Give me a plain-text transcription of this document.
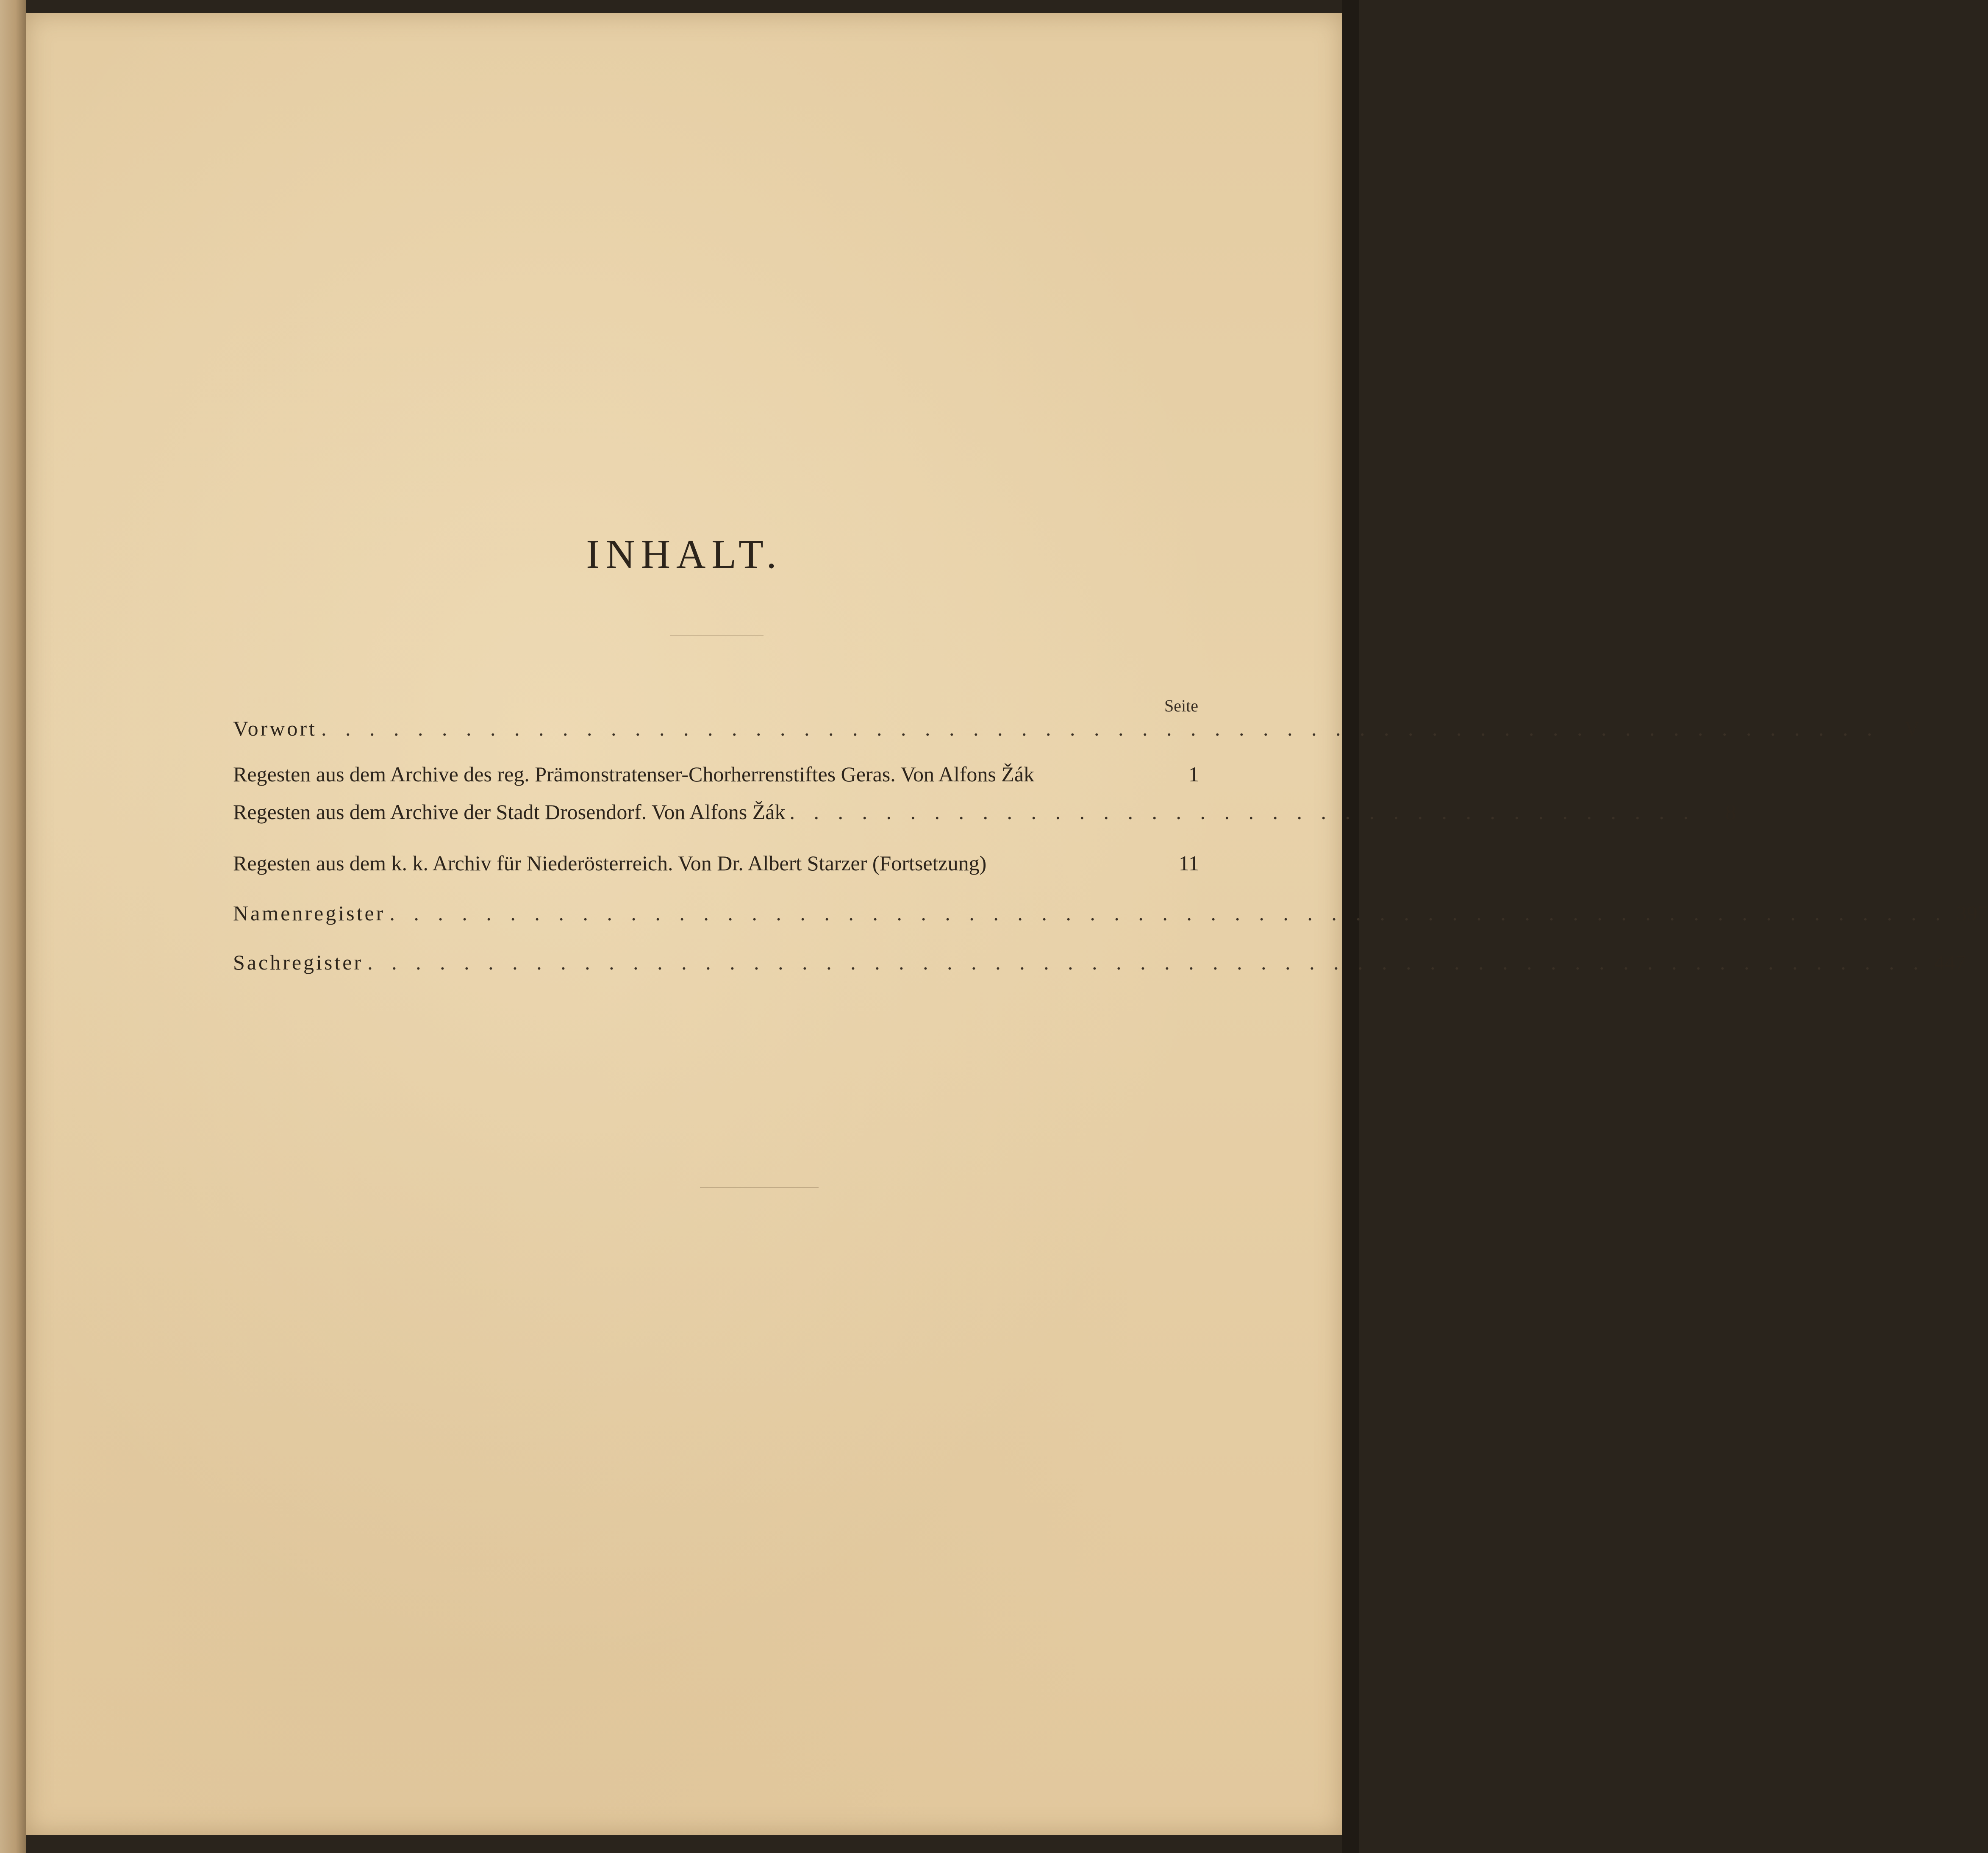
INHALT.
Seite
Vorwort . . . . . . . . . . . . . . . . . . . . . . . . . . . . . . . . . . . . . . . . . . . . . . . . . . . . . . . . . . . . . . . . .	V
Regesten aus dem Archive des reg. Prämonstratenser-Chorherrenstiftes Geras. Von Alfons Žák	1
Regesten aus dem Archive der Stadt Drosendorf. Von Alfons Žák . . . . . . . . . . . . . . . . . . . . . . . . . . . . . . . . . . . . . .	8
Regesten aus dem k. k. Archiv für Niederösterreich. Von Dr. Albert Starzer (Fortsetzung)	11
Namenregister . . . . . . . . . . . . . . . . . . . . . . . . . . . . . . . . . . . . . . . . . . . . . . . . . . . . . . . . . . . . . . . . . 397
Sachregister . . . . . . . . . . . . . . . . . . . . . . . . . . . . . . . . . . . . . . . . . . . . . . . . . . . . . . . . . . . . . . . . . 447
